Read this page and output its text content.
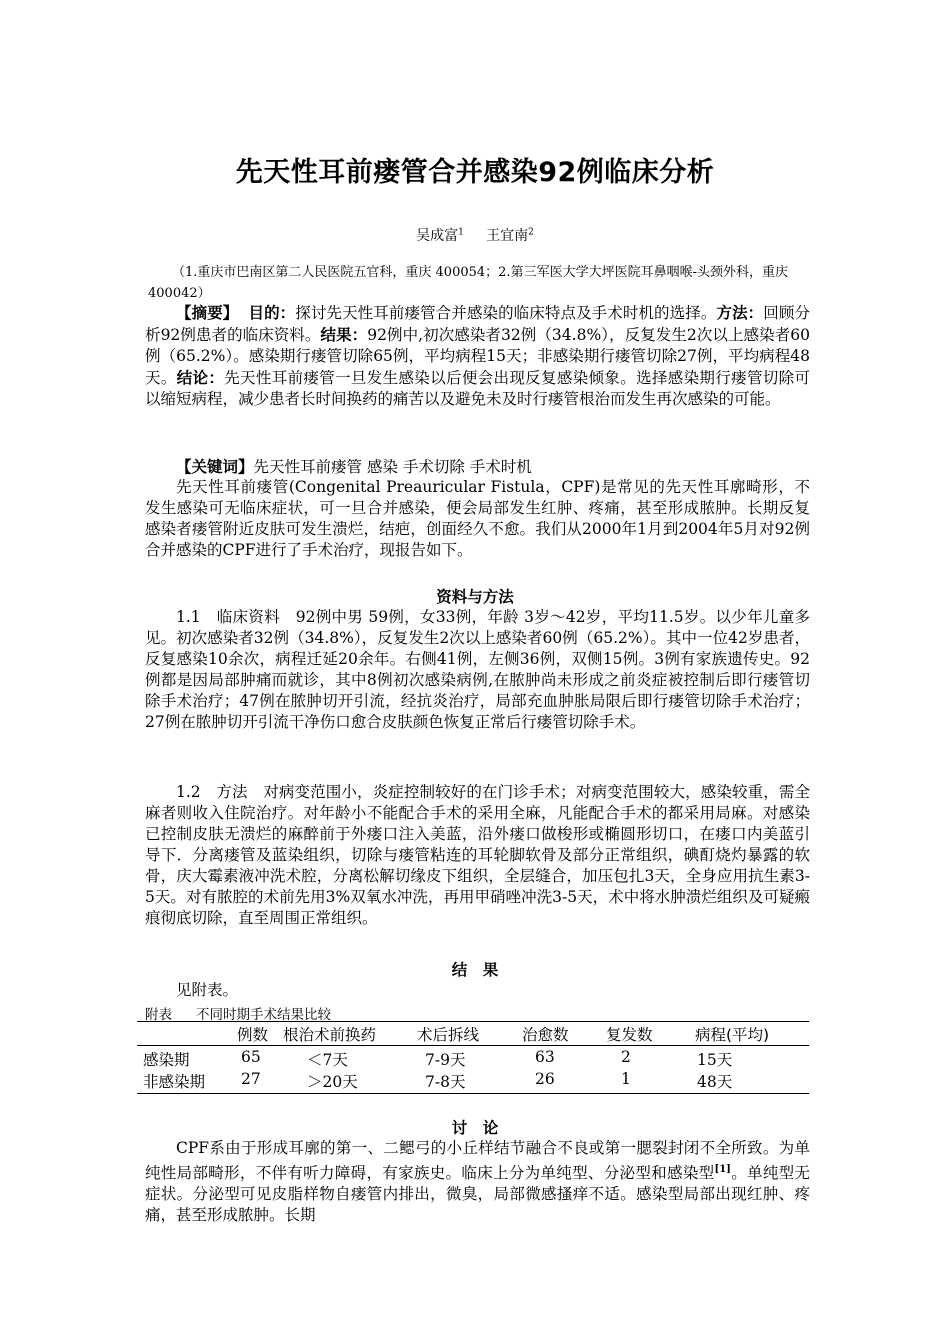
先天性耳前瘘管合并感染92例临床分析
吴成富$^1$ 王宜南$^2$
（1.重庆市巴南区第二人民医院五官科，重庆 400054；2.第三军医大学大坪医院耳鼻咽喉-头颈外科，重庆 400042）
【摘要】 目的：探讨先天性耳前瘘管合并感染的临床特点及手术时机的选择。方法：回顾分析92例患者的临床资料。结果：92例中,初次感染者32例（34.8%），反复发生2次以上感染者60例（65.2%）。感染期行瘘管切除65例，平均病程15天；非感染期行瘘管切除27例，平均病程48天。结论：先天性耳前瘘管一旦发生感染以后便会出现反复感染倾象。选择感染期行瘘管切除可以缩短病程，减少患者长时间换药的痛苦以及避免未及时行瘘管根治而发生再次感染的可能。
【关键词】先天性耳前瘘管 感染 手术切除 手术时机
先天性耳前瘘管(Congenital Preauricular Fistula，CPF)是常见的先天性耳廓畸形，不发生感染可无临床症状，可一旦合并感染，便会局部发生红肿、疼痛，甚至形成脓肿。长期反复感染者瘘管附近皮肤可发生溃烂，结疤，创面经久不愈。我们从2000年1月到2004年5月对92例合并感染的CPF进行了手术治疗，现报告如下。
资料与方法
1.1　临床资料　92例中男 59例，女33例，年龄 3岁～42岁，平均11.5岁。以少年儿童多见。初次感染者32例（34.8%），反复发生2次以上感染者60例（65.2%）。其中一位42岁患者，反复感染10余次，病程迁延20余年。右侧41例，左侧36例，双侧15例。3例有家族遗传史。92例都是因局部肿痛而就诊，其中8例初次感染病例,在脓肿尚未形成之前炎症被控制后即行瘘管切除手术治疗；47例在脓肿切开引流，经抗炎治疗，局部充血肿胀局限后即行瘘管切除手术治疗；27例在脓肿切开引流干净伤口愈合皮肤颜色恢复正常后行瘘管切除手术。
1.2　方法　对病变范围小，炎症控制较好的在门诊手术；对病变范围较大，感染较重，需全麻者则收入住院治疗。对年龄小不能配合手术的采用全麻，凡能配合手术的都采用局麻。对感染已控制皮肤无溃烂的麻醉前于外瘘口注入美蓝，沿外瘘口做梭形或椭圆形切口，在瘘口内美蓝引导下．分离瘘管及蓝染组织，切除与瘘管粘连的耳轮脚软骨及部分正常组织，碘酊烧灼暴露的软骨，庆大霉素液冲洗术腔，分离松解切缘皮下组织，全层缝合，加压包扎3天，全身应用抗生素3-5天。对有脓腔的术前先用3%双氧水冲洗，再用甲硝唑冲洗3-5天，术中将水肿溃烂组织及可疑瘢痕彻底切除，直至周围正常组织。
结　果
见附表。
附表 不同时期手术结果比较
例数 根治术前换药	术后拆线	治愈数 复发数	病程(平均)
感染期	65	＜7天	7-9天	63	2	15天
非感染期 27	＞20天	7-8天	26	1	48天
讨　论
CPF系由于形成耳廓的第一、二鳃弓的小丘样结节融合不良或第一腮裂封闭不全所致。为单纯性局部畸形，不伴有听力障碍，有家族史。临床上分为单纯型、分泌型和感染型[1]。单纯型无症状。分泌型可见皮脂样物自瘘管内排出，微臭，局部微感搔痒不适。感染型局部出现红肿、疼痛，甚至形成脓肿。长期
